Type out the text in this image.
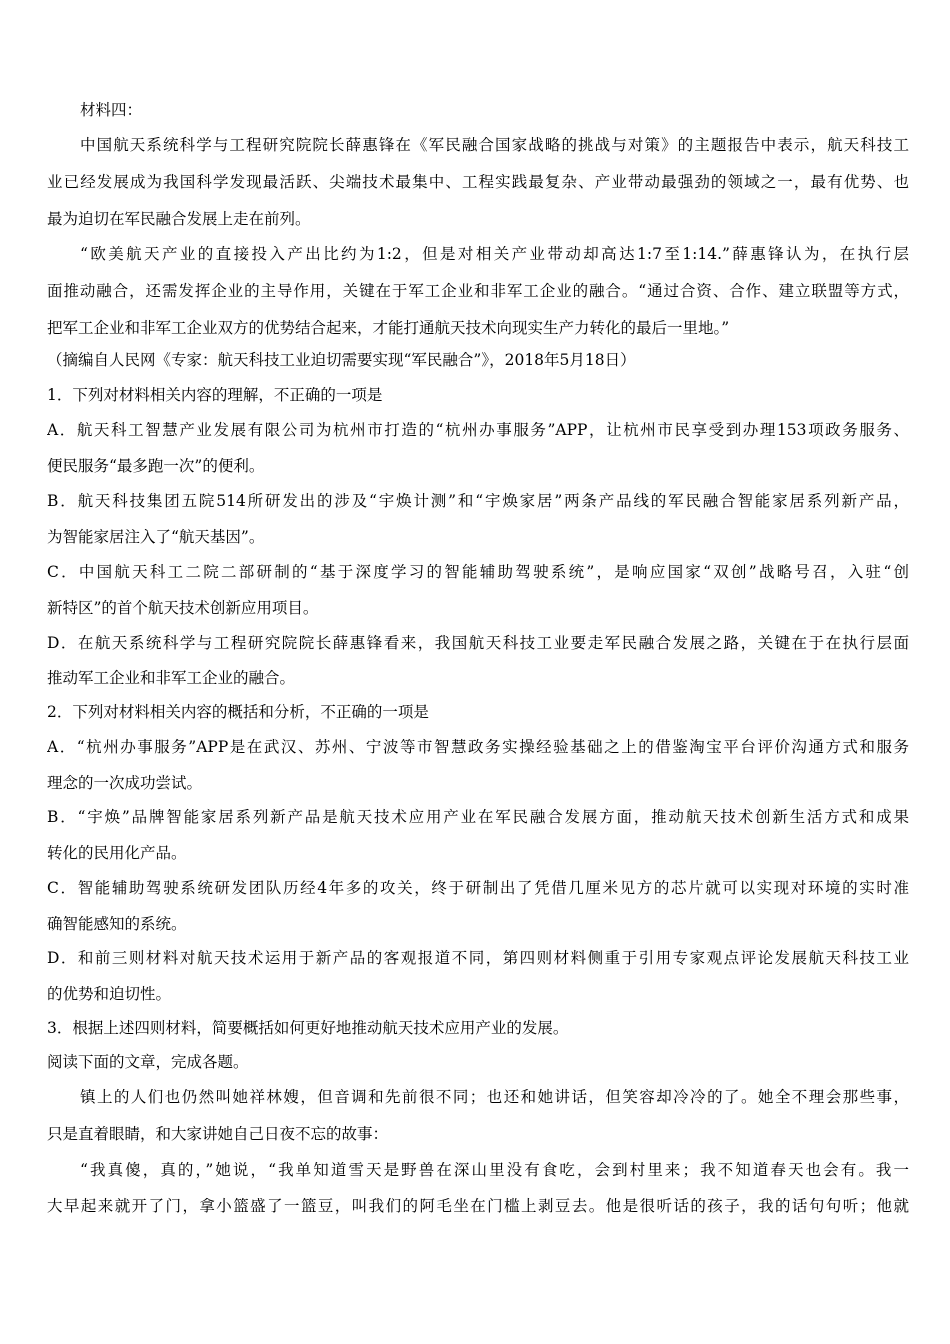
材料四：
中国航天系统科学与工程研究院院长薛惠锋在《军民融合国家战略的挑战与对策》的主题报告中表示，航天科技工
业已经发展成为我国科学发现最活跃、尖端技术最集中、工程实践最复杂、产业带动最强劲的领域之一，最有优势、也
最为迫切在军民融合发展上走在前列。
“欧美航天产业的直接投入产出比约为1:2，但是对相关产业带动却高达1:7至1:14.”薛惠锋认为，在执行层
面推动融合，还需发挥企业的主导作用，关键在于军工企业和非军工企业的融合。“通过合资、合作、建立联盟等方式，
把军工企业和非军工企业双方的优势结合起来，才能打通航天技术向现实生产力转化的最后一里地。”
（摘编自人民网《专家：航天科技工业迫切需要实现“军民融合”》，2018年5月18日）
1．下列对材料相关内容的理解，不正确的一项是
A．航天科工智慧产业发展有限公司为杭州市打造的“杭州办事服务”APP，让杭州市民享受到办理153项政务服务、
便民服务“最多跑一次”的便利。
B．航天科技集团五院514所研发出的涉及“宇焕计测”和“宇焕家居”两条产品线的军民融合智能家居系列新产品，
为智能家居注入了“航天基因”。
C．中国航天科工二院二部研制的“基于深度学习的智能辅助驾驶系统”，是响应国家“双创”战略号召，入驻“创
新特区”的首个航天技术创新应用项目。
D．在航天系统科学与工程研究院院长薛惠锋看来，我国航天科技工业要走军民融合发展之路，关键在于在执行层面
推动军工企业和非军工企业的融合。
2．下列对材料相关内容的概括和分析，不正确的一项是
A．“杭州办事服务”APP是在武汉、苏州、宁波等市智慧政务实操经验基础之上的借鉴淘宝平台评价沟通方式和服务
理念的一次成功尝试。
B．“宇焕”品牌智能家居系列新产品是航天技术应用产业在军民融合发展方面，推动航天技术创新生活方式和成果
转化的民用化产品。
C．智能辅助驾驶系统研发团队历经4年多的攻关，终于研制出了凭借几厘米见方的芯片就可以实现对环境的实时准
确智能感知的系统。
D．和前三则材料对航天技术运用于新产品的客观报道不同，第四则材料侧重于引用专家观点评论发展航天科技工业
的优势和迫切性。
3．根据上述四则材料，简要概括如何更好地推动航天技术应用产业的发展。
阅读下面的文章，完成各题。
镇上的人们也仍然叫她祥林嫂，但音调和先前很不同；也还和她讲话，但笑容却冷冷的了。她全不理会那些事，
只是直着眼睛，和大家讲她自己日夜不忘的故事：
“我真傻，真的，”她说，“我单知道雪天是野兽在深山里没有食吃，会到村里来；我不知道春天也会有。我一
大早起来就开了门，拿小篮盛了一篮豆，叫我们的阿毛坐在门槛上剥豆去。他是很听话的孩子，我的话句句听；他就
